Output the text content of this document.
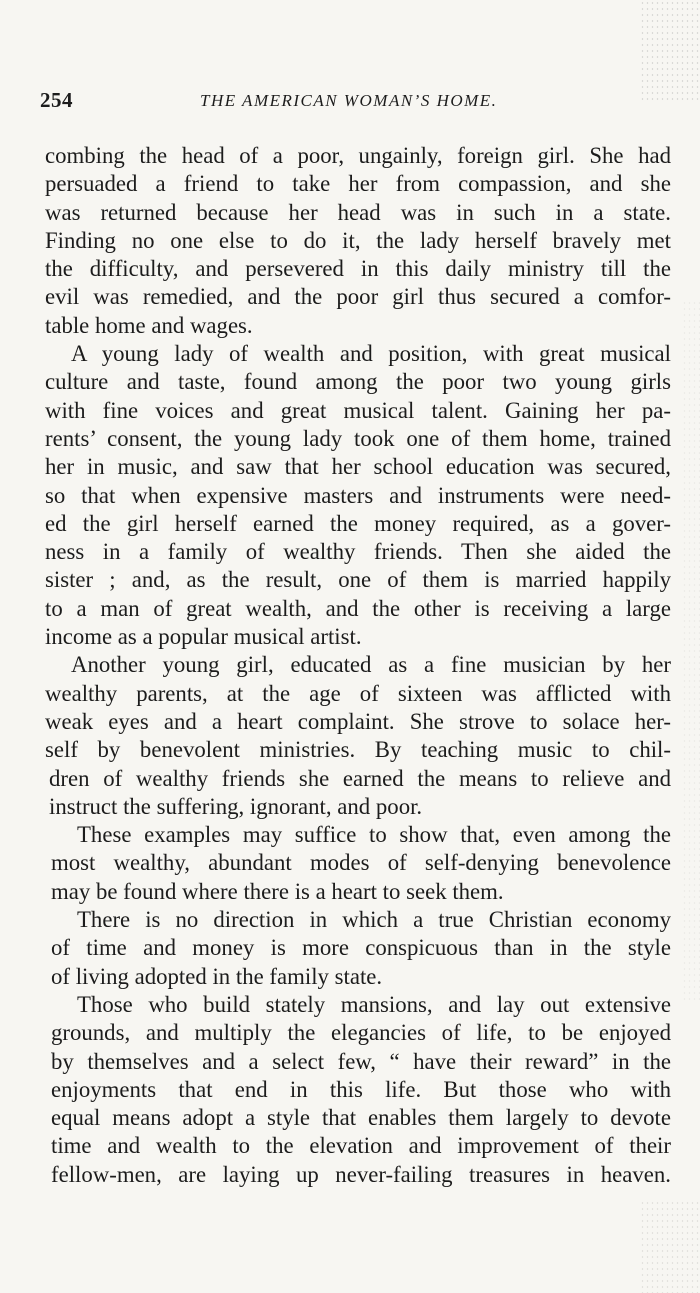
254	THE AMERICAN WOMAN’S HOME.
combing the head of a poor, ungainly, foreign girl. She had
persuaded a friend to take her from compassion, and she
was returned because her head was in such in a state.
Finding no one else to do it, the lady herself bravely met
the difficulty, and persevered in this daily ministry till the
evil was remedied, and the poor girl thus secured a comfor-
table home and wages.
A young lady of wealth and position, with great musical
culture and taste, found among the poor two young girls
with fine voices and great musical talent. Gaining her pa-
rents’ consent, the young lady took one of them home, trained
her in music, and saw that her school education was secured,
so that when expensive masters and instruments were need-
ed the girl herself earned the money required, as a gover-
ness in a family of wealthy friends. Then she aided the
sister ; and, as the result, one of them is married happily
to a man of great wealth, and the other is receiving a large
income as a popular musical artist.
Another young girl, educated as a fine musician by her
wealthy parents, at the age of sixteen was afflicted with
weak eyes and a heart complaint. She strove to solace her-
self by benevolent ministries. By teaching music to chil-
dren of wealthy friends she earned the means to relieve and
instruct the suffering, ignorant, and poor.
These examples may suffice to show that, even among the
most wealthy, abundant modes of self-denying benevolence
may be found where there is a heart to seek them.
There is no direction in which a true Christian economy
of time and money is more conspicuous than in the style
of living adopted in the family state.
Those who build stately mansions, and lay out extensive
grounds, and multiply the elegancies of life, to be enjoyed
by themselves and a select few, “ have their reward” in the
enjoyments that end in this life. But those who with
equal means adopt a style that enables them largely to devote
time and wealth to the elevation and improvement of their
fellow-men, are laying up never-failing treasures in heaven.
